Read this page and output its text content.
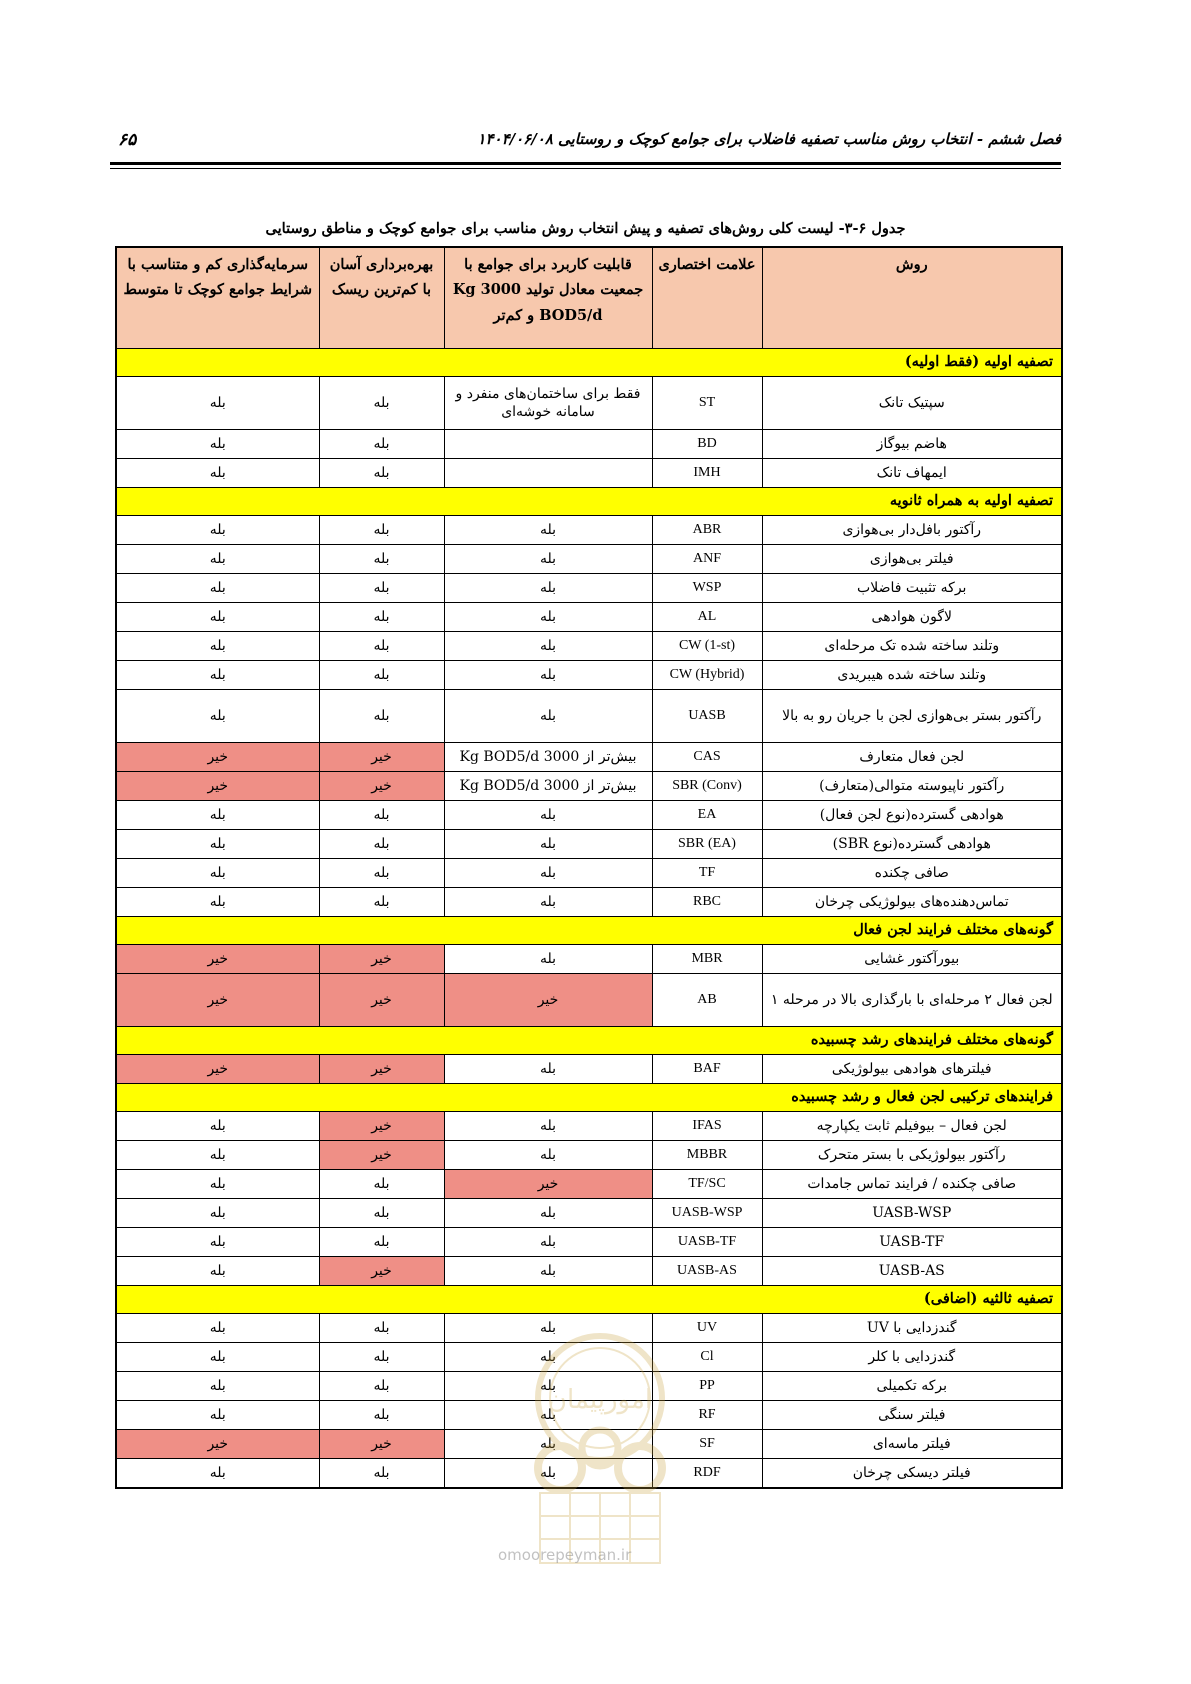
فصل ششم - انتخاب روش مناسب تصفیه فاضلاب برای جوامع کوچک و روستایی ۱۴۰۴/۰۶/۰۸
۶۵
جدول ۶-۳- لیست کلی روش‌های تصفیه و پیش انتخاب روش مناسب برای جوامع کوچک و مناطق روستایی
روش	علامت اختصاری	قابلیت کاربرد برای جوامع با جمعیت معادل تولید 3000 Kg BOD5/d و کم‌تر	بهره‌برداری آسان با کم‌ترین ریسک	سرمایه‌گذاری کم و متناسب با شرایط جوامع کوچک تا متوسط
تصفیه اولیه (فقط اولیه)				
سپتیک تانک	ST	فقط برای ساختمان‌های منفرد و سامانه خوشه‌ای	بله	بله
هاضم بیوگاز	BD		بله	بله
ایمهاف تانک	IMH		بله	بله
تصفیه اولیه به همراه ثانویه				
رآکتور بافل‌دار بی‌هوازی	ABR	بله	بله	بله
فیلتر بی‌هوازی	ANF	بله	بله	بله
برکه تثبیت فاضلاب	WSP	بله	بله	بله
لاگون هوادهی	AL	بله	بله	بله
وتلند ساخته شده تک مرحله‌ای	CW (1-st)	بله	بله	بله
وتلند ساخته شده هیبریدی	CW (Hybrid)	بله	بله	بله
رآکتور بستر بی‌هوازی لجن با جریان رو به بالا	UASB	بله	بله	بله
لجن فعال متعارف	CAS	بیش‌تر از 3000 Kg BOD5/d	خیر	خیر
رآکتور ناپیوسته متوالی(متعارف)	SBR (Conv)	بیش‌تر از 3000 Kg BOD5/d	خیر	خیر
هوادهی گسترده(نوع لجن فعال)	EA	بله	بله	بله
هوادهی گسترده(نوع SBR)	SBR (EA)	بله	بله	بله
صافی چکنده	TF	بله	بله	بله
تماس‌دهنده‌های بیولوژیکی چرخان	RBC	بله	بله	بله
گونه‌های مختلف فرایند لجن فعال				
بیورآکتور غشایی	MBR	بله	خیر	خیر
لجن فعال ۲ مرحله‌ای با بارگذاری بالا در مرحله ۱	AB	خیر	خیر	خیر
گونه‌های مختلف فرایندهای رشد چسبیده				
فیلترهای هوادهی بیولوژیکی	BAF	بله	خیر	خیر
فرایندهای ترکیبی لجن فعال و رشد چسبیده				
لجن فعال – بیوفیلم ثابت یکپارچه	IFAS	بله	خیر	بله
رآکتور بیولوژیکی با بستر متحرک	MBBR	بله	خیر	بله
صافی چکنده / فرایند تماس جامدات	TF/SC	خیر	بله	بله
UASB-WSP	UASB-WSP	بله	بله	بله
UASB-TF	UASB-TF	بله	بله	بله
UASB-AS	UASB-AS	بله	خیر	بله
تصفیه ثالثیه (اضافی)				
گندزدایی با UV	UV	بله	بله	بله
گندزدایی با کلر	Cl	بله	بله	بله
برکه تکمیلی	PP	بله	بله	بله
فیلتر سنگی	RF	بله	بله	بله
فیلتر ماسه‌ای	SF	بله	خیر	خیر
فیلتر دیسکی چرخان	RDF	بله	بله	بله
امورپیمان
omoorepeyman.ir
